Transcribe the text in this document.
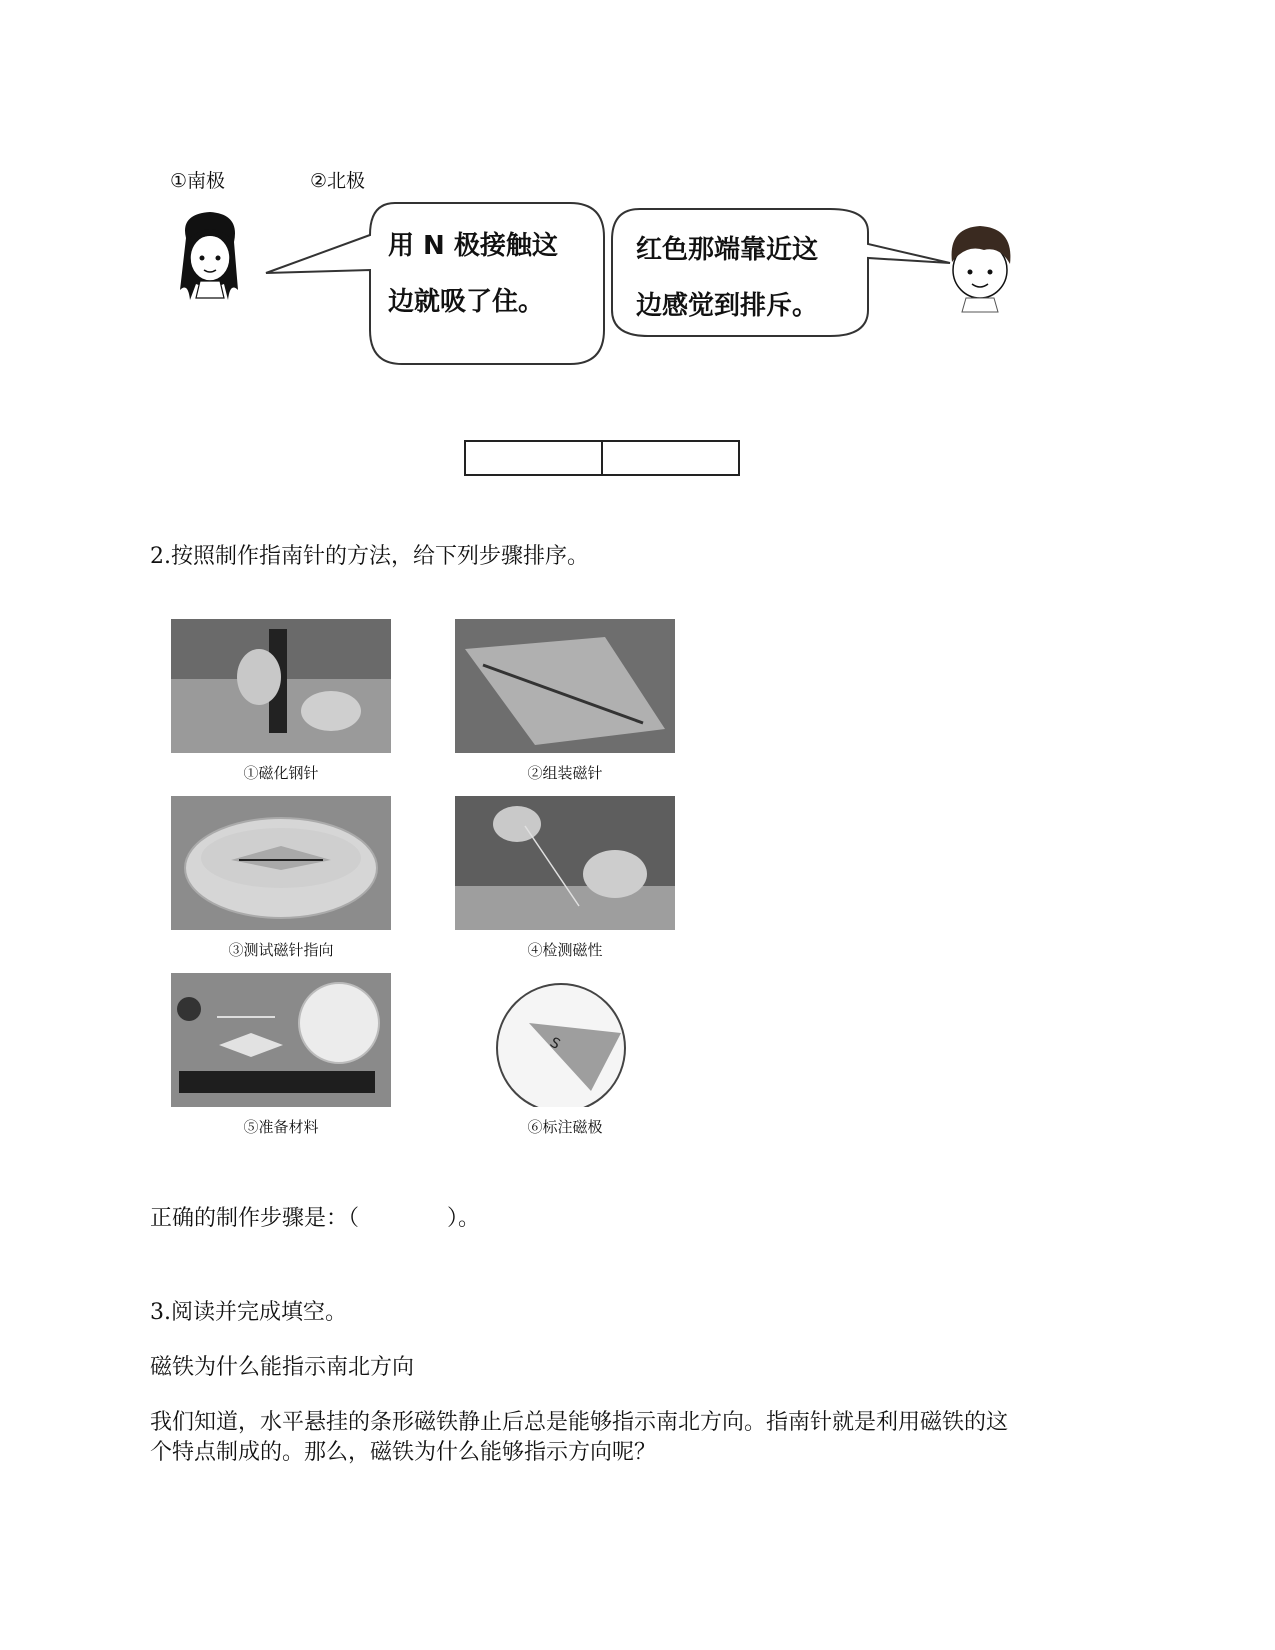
①南极	②北极
用 N 极接触这
边就吸了住。
红色那端靠近这
边感觉到排斥。
2.按照制作指南针的方法，给下列步骤排序。
①磁化钢针	②组装磁针
③测试磁针指向	④检测磁性
S
⑤准备材料	⑥标注磁极
正确的制作步骤是：（　　　　）。
3.阅读并完成填空。
磁铁为什么能指示南北方向
我们知道，水平悬挂的条形磁铁静止后总是能够指示南北方向。指南针就是利用磁铁的这
个特点制成的。那么，磁铁为什么能够指示方向呢？
